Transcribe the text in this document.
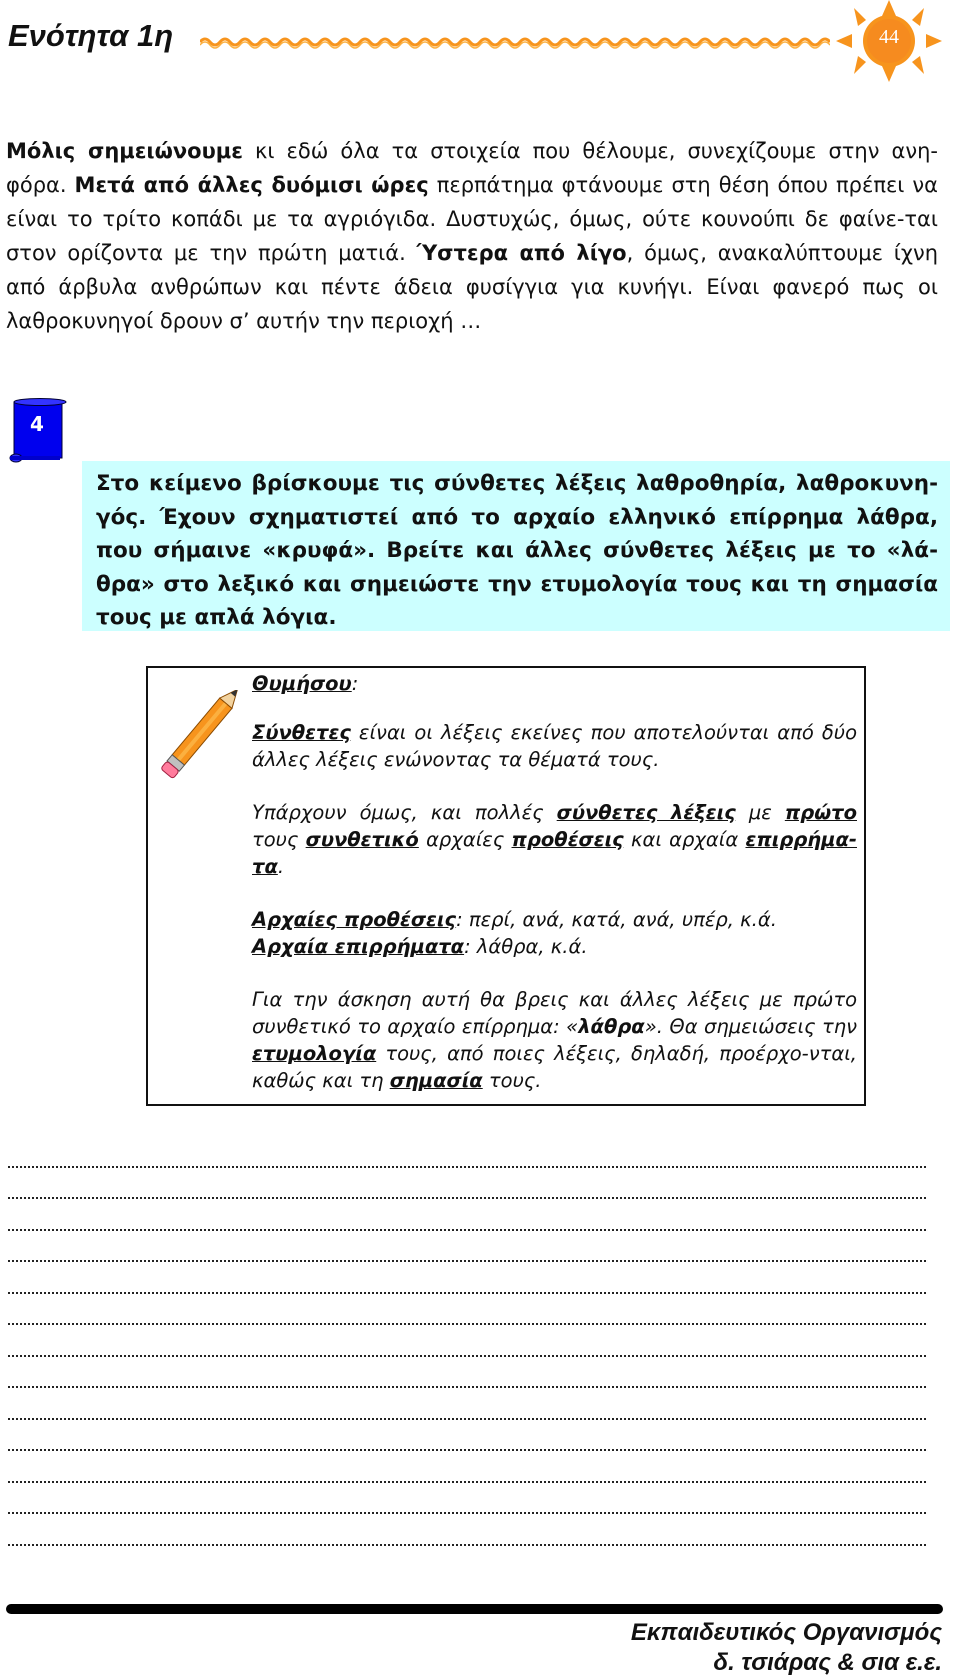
Ενότητα 1η	44

Μόλις σημειώνουμε κι εδώ όλα τα στοιχεία που θέλουμε, συνεχίζουμε στην ανη-φόρα. Μετά από άλλες δυόμισι ώρες περπάτημα φτάνουμε στη θέση όπου πρέπει να είναι το τρίτο κοπάδι με τα αγριόγιδα. Δυστυχώς, όμως, ούτε κουνούπι δε φαίνε-ται στον ορίζοντα με την πρώτη ματιά. Ύστερα από λίγο, όμως, ανακαλύπτουμε ίχνη από άρβυλα ανθρώπων και πέντε άδεια φυσίγγια για κυνήγι. Είναι φανερό πως οι λαθροκυνηγοί δρουν σ’ αυτήν την περιοχή …

4

Στο κείμενο βρίσκουμε τις σύνθετες λέξεις λαθροθηρία, λαθροκυνη-γός. Έχουν σχηματιστεί από το αρχαίο ελληνικό επίρρημα λάθρα, που σήμαινε «κρυφά». Βρείτε και άλλες σύνθετες λέξεις με το «λά-θρα» στο λεξικό και σημειώστε την ετυμολογία τους και τη σημασία τους με απλά λόγια.

Θυμήσου:

Σύνθετες είναι οι λέξεις εκείνες που αποτελούνται από δύο άλλες λέξεις ενώνοντας τα θέματά τους.

Υπάρχουν όμως, και πολλές σύνθετες λέξεις με πρώτο τους συνθετικό αρχαίες προθέσεις και αρχαία επιρρήμα-τα.

Αρχαίες προθέσεις: περί, ανά, κατά, ανά, υπέρ, κ.ά.

Αρχαία επιρρήματα: λάθρα, κ.ά.

Για την άσκηση αυτή θα βρεις και άλλες λέξεις με πρώτο συνθετικό το αρχαίο επίρρημα: «λάθρα». Θα σημειώσεις την ετυμολογία τους, από ποιες λέξεις, δηλαδή, προέρχο-νται, καθώς και τη σημασία τους.

Εκπαιδευτικός Οργανισμός
δ. τσιάρας & σια ε.ε.
